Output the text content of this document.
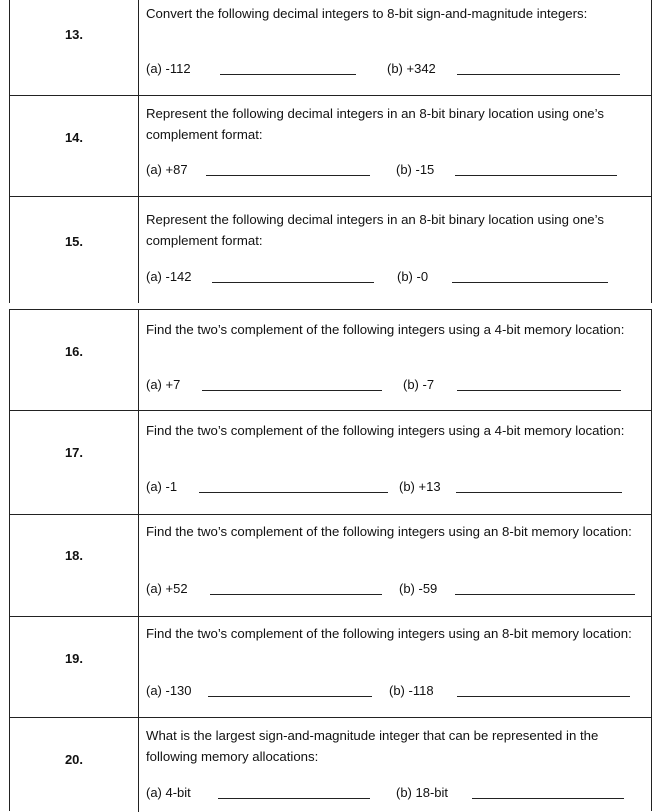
13.
Convert the following decimal integers to 8-bit sign-and-magnitude integers:
(a) -112	(b) +342
14.
Represent the following decimal integers in an 8-bit binary location using one’s complement format:
(a) +87	(b) -15
15.
Represent the following decimal integers in an 8-bit binary location using one’s complement format:
(a) -142	(b) -0
16.
Find the two’s complement of the following integers using a 4-bit memory location:
(a) +7	(b) -7
17.
Find the two’s complement of the following integers using a 4-bit memory location:
(a) -1	(b) +13
18.
Find the two’s complement of the following integers using an 8-bit memory location:
(a) +52	(b) -59
19.
Find the two’s complement of the following integers using an 8-bit memory location:
(a) -130	(b) -118
20.
What is the largest sign-and-magnitude integer that can be represented in the following memory allocations:
(a) 4-bit	(b) 18-bit
